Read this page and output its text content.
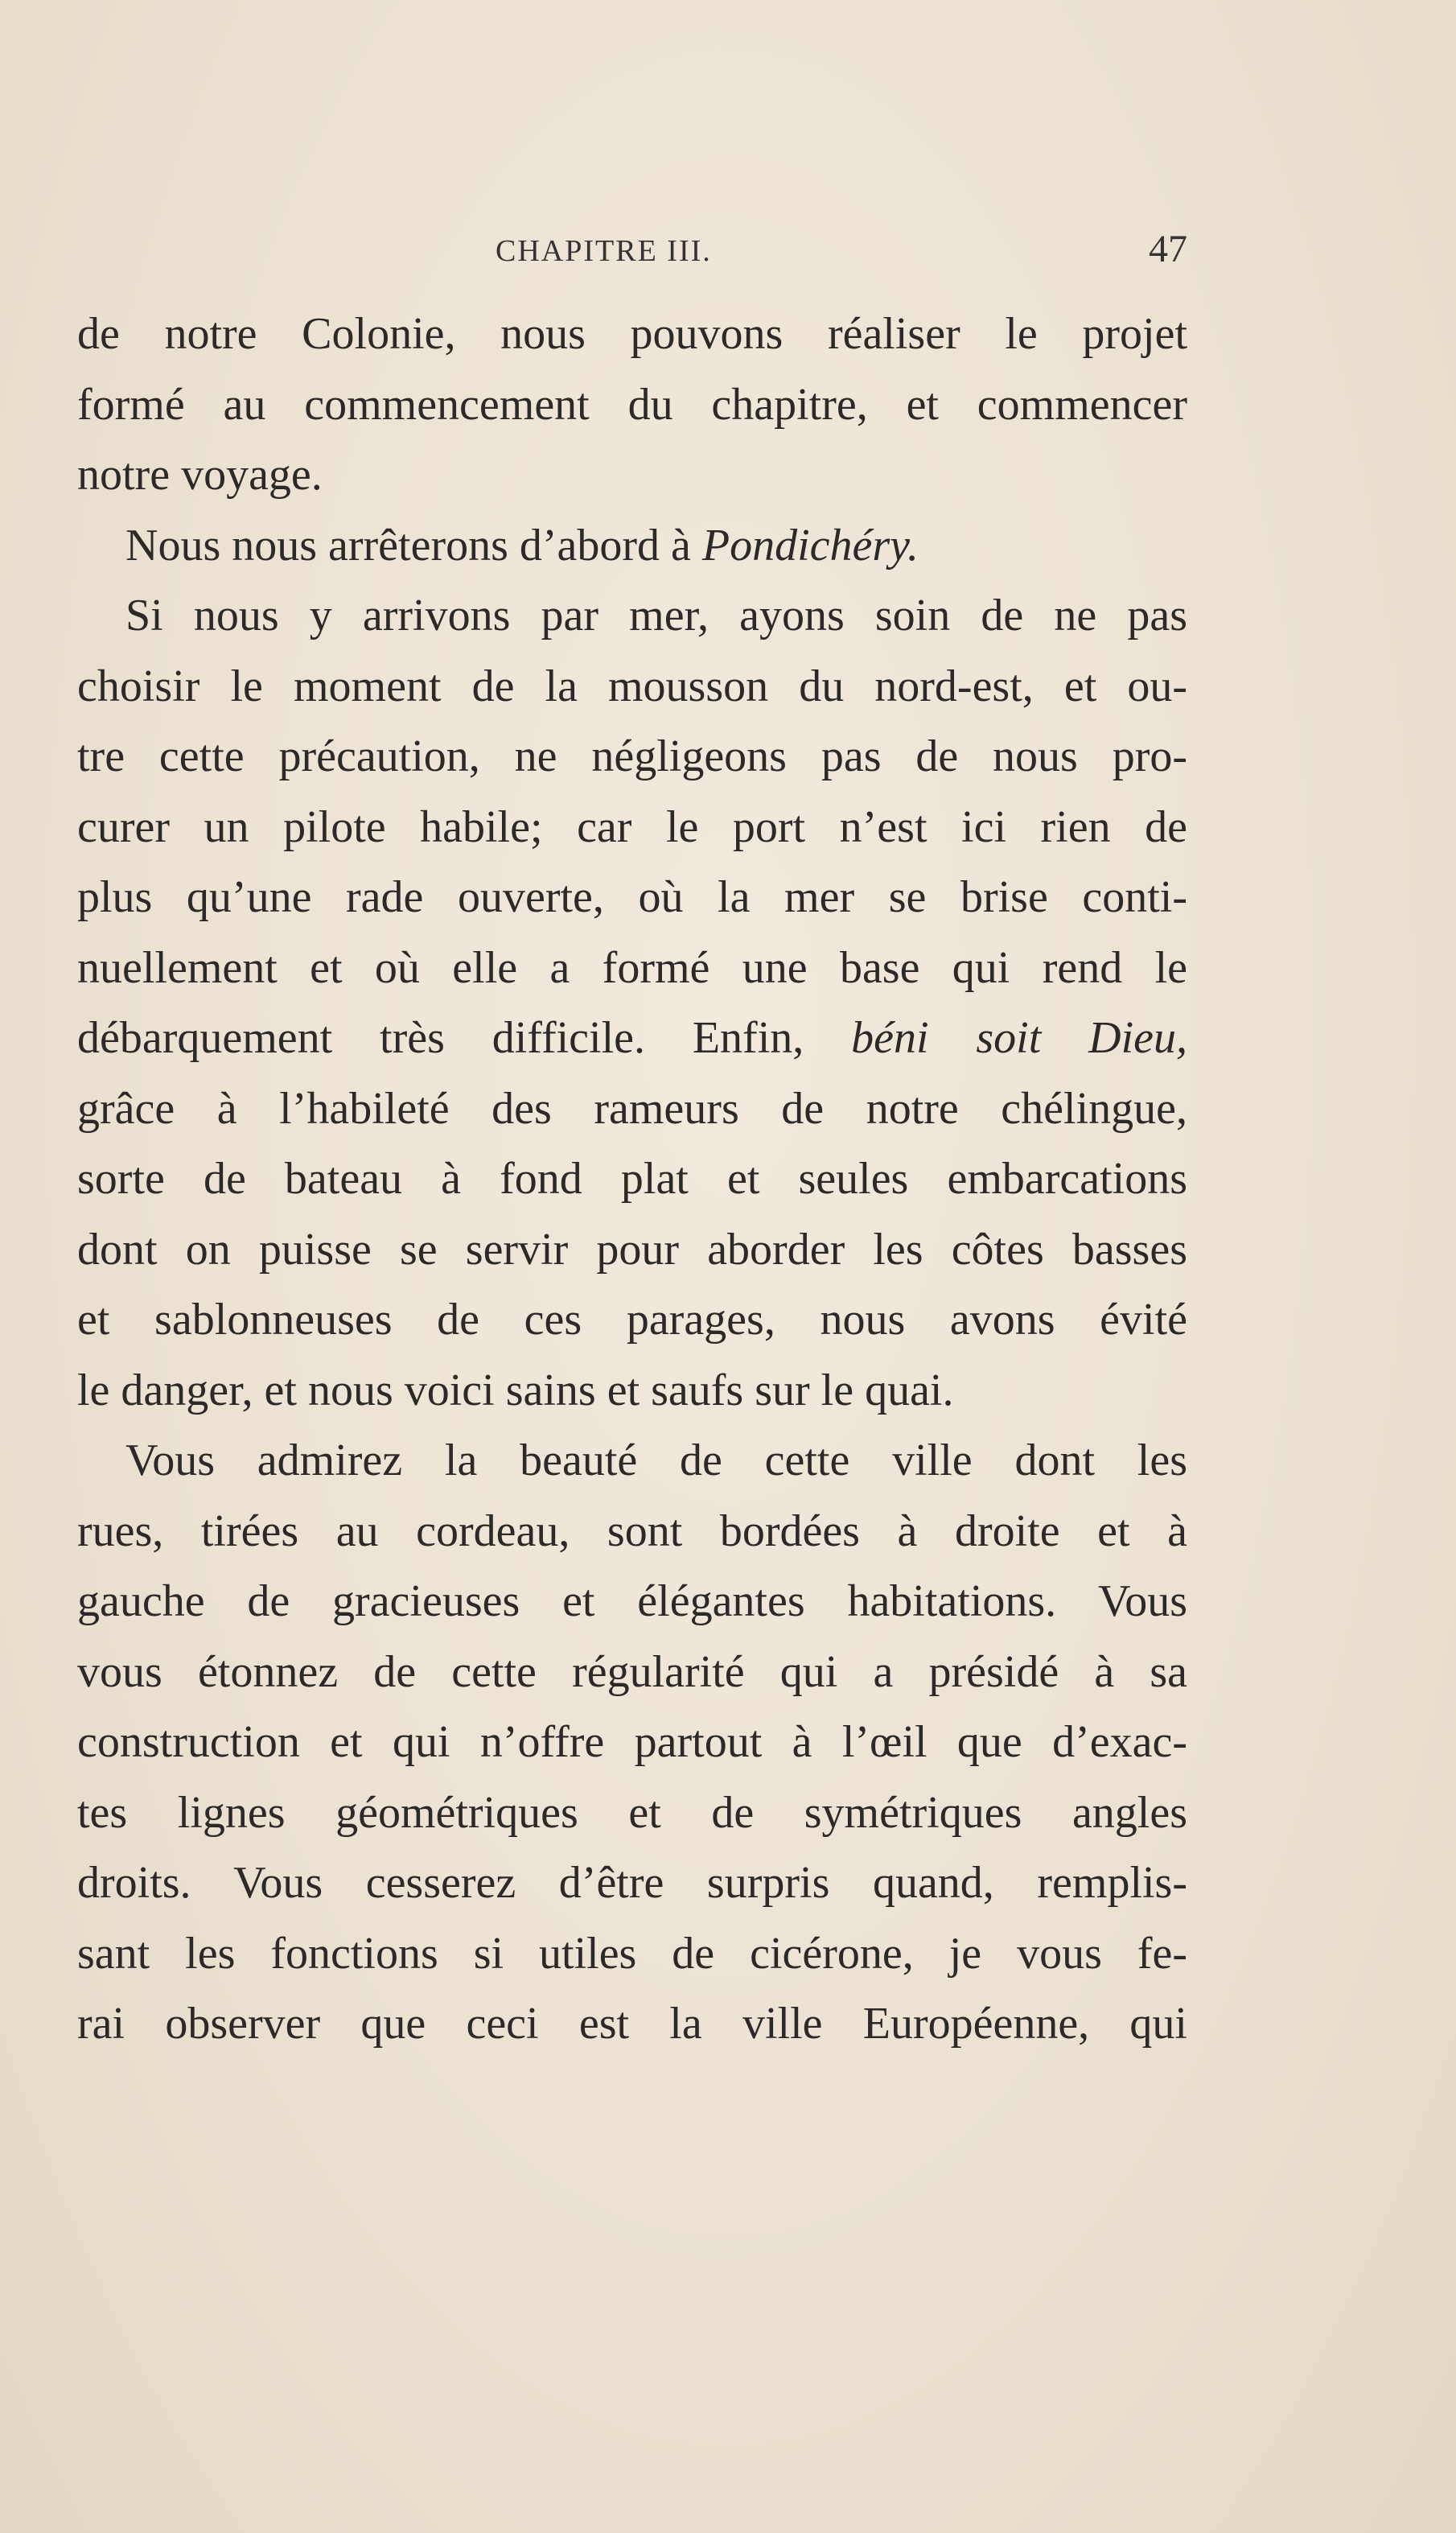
CHAPITRE III.	47
de notre Colonie, nous pouvons réaliser le projet
formé au commencement du chapitre, et commencer
notre voyage.
Nous nous arrêterons d’abord à Pondichéry.
Si nous y arrivons par mer, ayons soin de ne pas
choisir le moment de la mousson du nord-est, et ou-
tre cette précaution, ne négligeons pas de nous pro-
curer un pilote habile; car le port n’est ici rien de
plus qu’une rade ouverte, où la mer se brise conti-
nuellement et où elle a formé une base qui rend le
débarquement très difficile. Enfin, béni soit Dieu,
grâce à l’habileté des rameurs de notre chélingue,
sorte de bateau à fond plat et seules embarcations
dont on puisse se servir pour aborder les côtes basses
et sablonneuses de ces parages, nous avons évité
le danger, et nous voici sains et saufs sur le quai.
Vous admirez la beauté de cette ville dont les
rues, tirées au cordeau, sont bordées à droite et à
gauche de gracieuses et élégantes habitations. Vous
vous étonnez de cette régularité qui a présidé à sa
construction et qui n’offre partout à l’œil que d’exac-
tes lignes géométriques et de symétriques angles
droits. Vous cesserez d’être surpris quand, remplis-
sant les fonctions si utiles de cicérone, je vous fe-
rai observer que ceci est la ville Européenne, qui
